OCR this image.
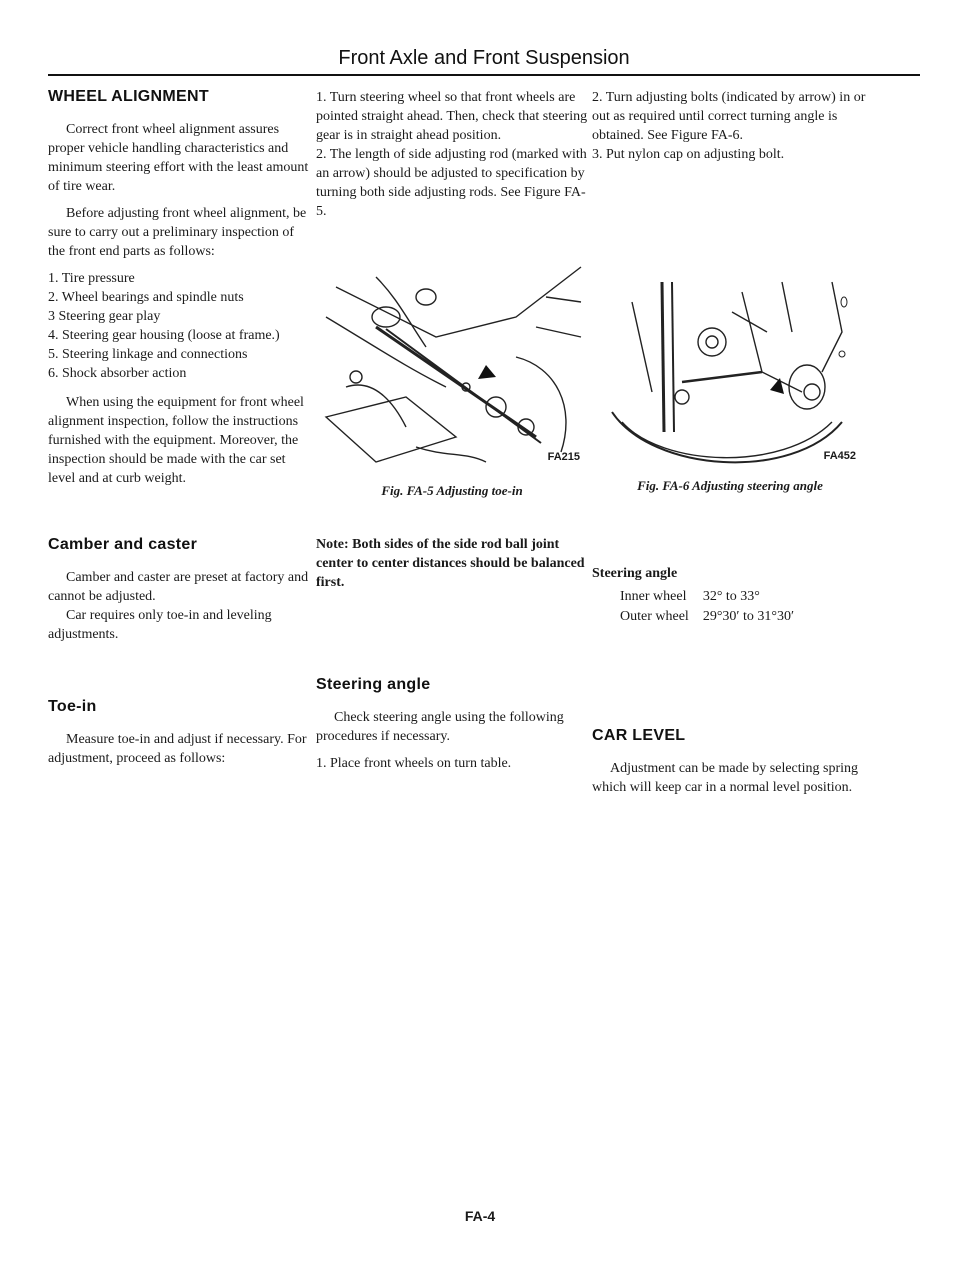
Front Axle and Front Suspension
WHEEL ALIGNMENT

Correct front wheel alignment assures proper vehicle handling characteristics and minimum steering effort with the least amount of tire wear.

Before adjusting front wheel alignment, be sure to carry out a preliminary inspection of the front end parts as follows:

1. Tire pressure
2. Wheel bearings and spindle nuts
3 Steering gear play
4. Steering gear housing (loose at frame.)
5. Steering linkage and connections
6. Shock absorber action

When using the equipment for front wheel alignment inspection, follow the instructions furnished with the equipment. Moreover, the inspection should be made with the car set level and at curb weight.

Camber and caster

Camber and caster are preset at factory and cannot be adjusted.

Car requires only toe-in and leveling adjustments.

Toe-in

Measure toe-in and adjust if necessary. For adjustment, proceed as follows:

1. Turn steering wheel so that front wheels are pointed straight ahead. Then, check that steering gear is in straight ahead position.

2. The length of side adjusting rod (marked with an arrow) should be adjusted to specification by turning both side adjusting rods. See Figure FA-5.

FA215
Fig. FA-5 Adjusting toe-in
Note: Both sides of the side rod ball joint center to center distances should be balanced first.
Steering angle

Check steering angle using the following procedures if necessary.

1. Place front wheels on turn table.

2. Turn adjusting bolts (indicated by arrow) in or out as required until correct turning angle is obtained. See Figure FA-6.

3. Put nylon cap on adjusting bolt.

FA452
Fig. FA-6 Adjusting steering angle

Steering angle

Inner wheel	32° to 33°
Outer wheel	29°30′ to 31°30′
CAR LEVEL

Adjustment can be made by selecting spring which will keep car in a normal level position.

FA-4
